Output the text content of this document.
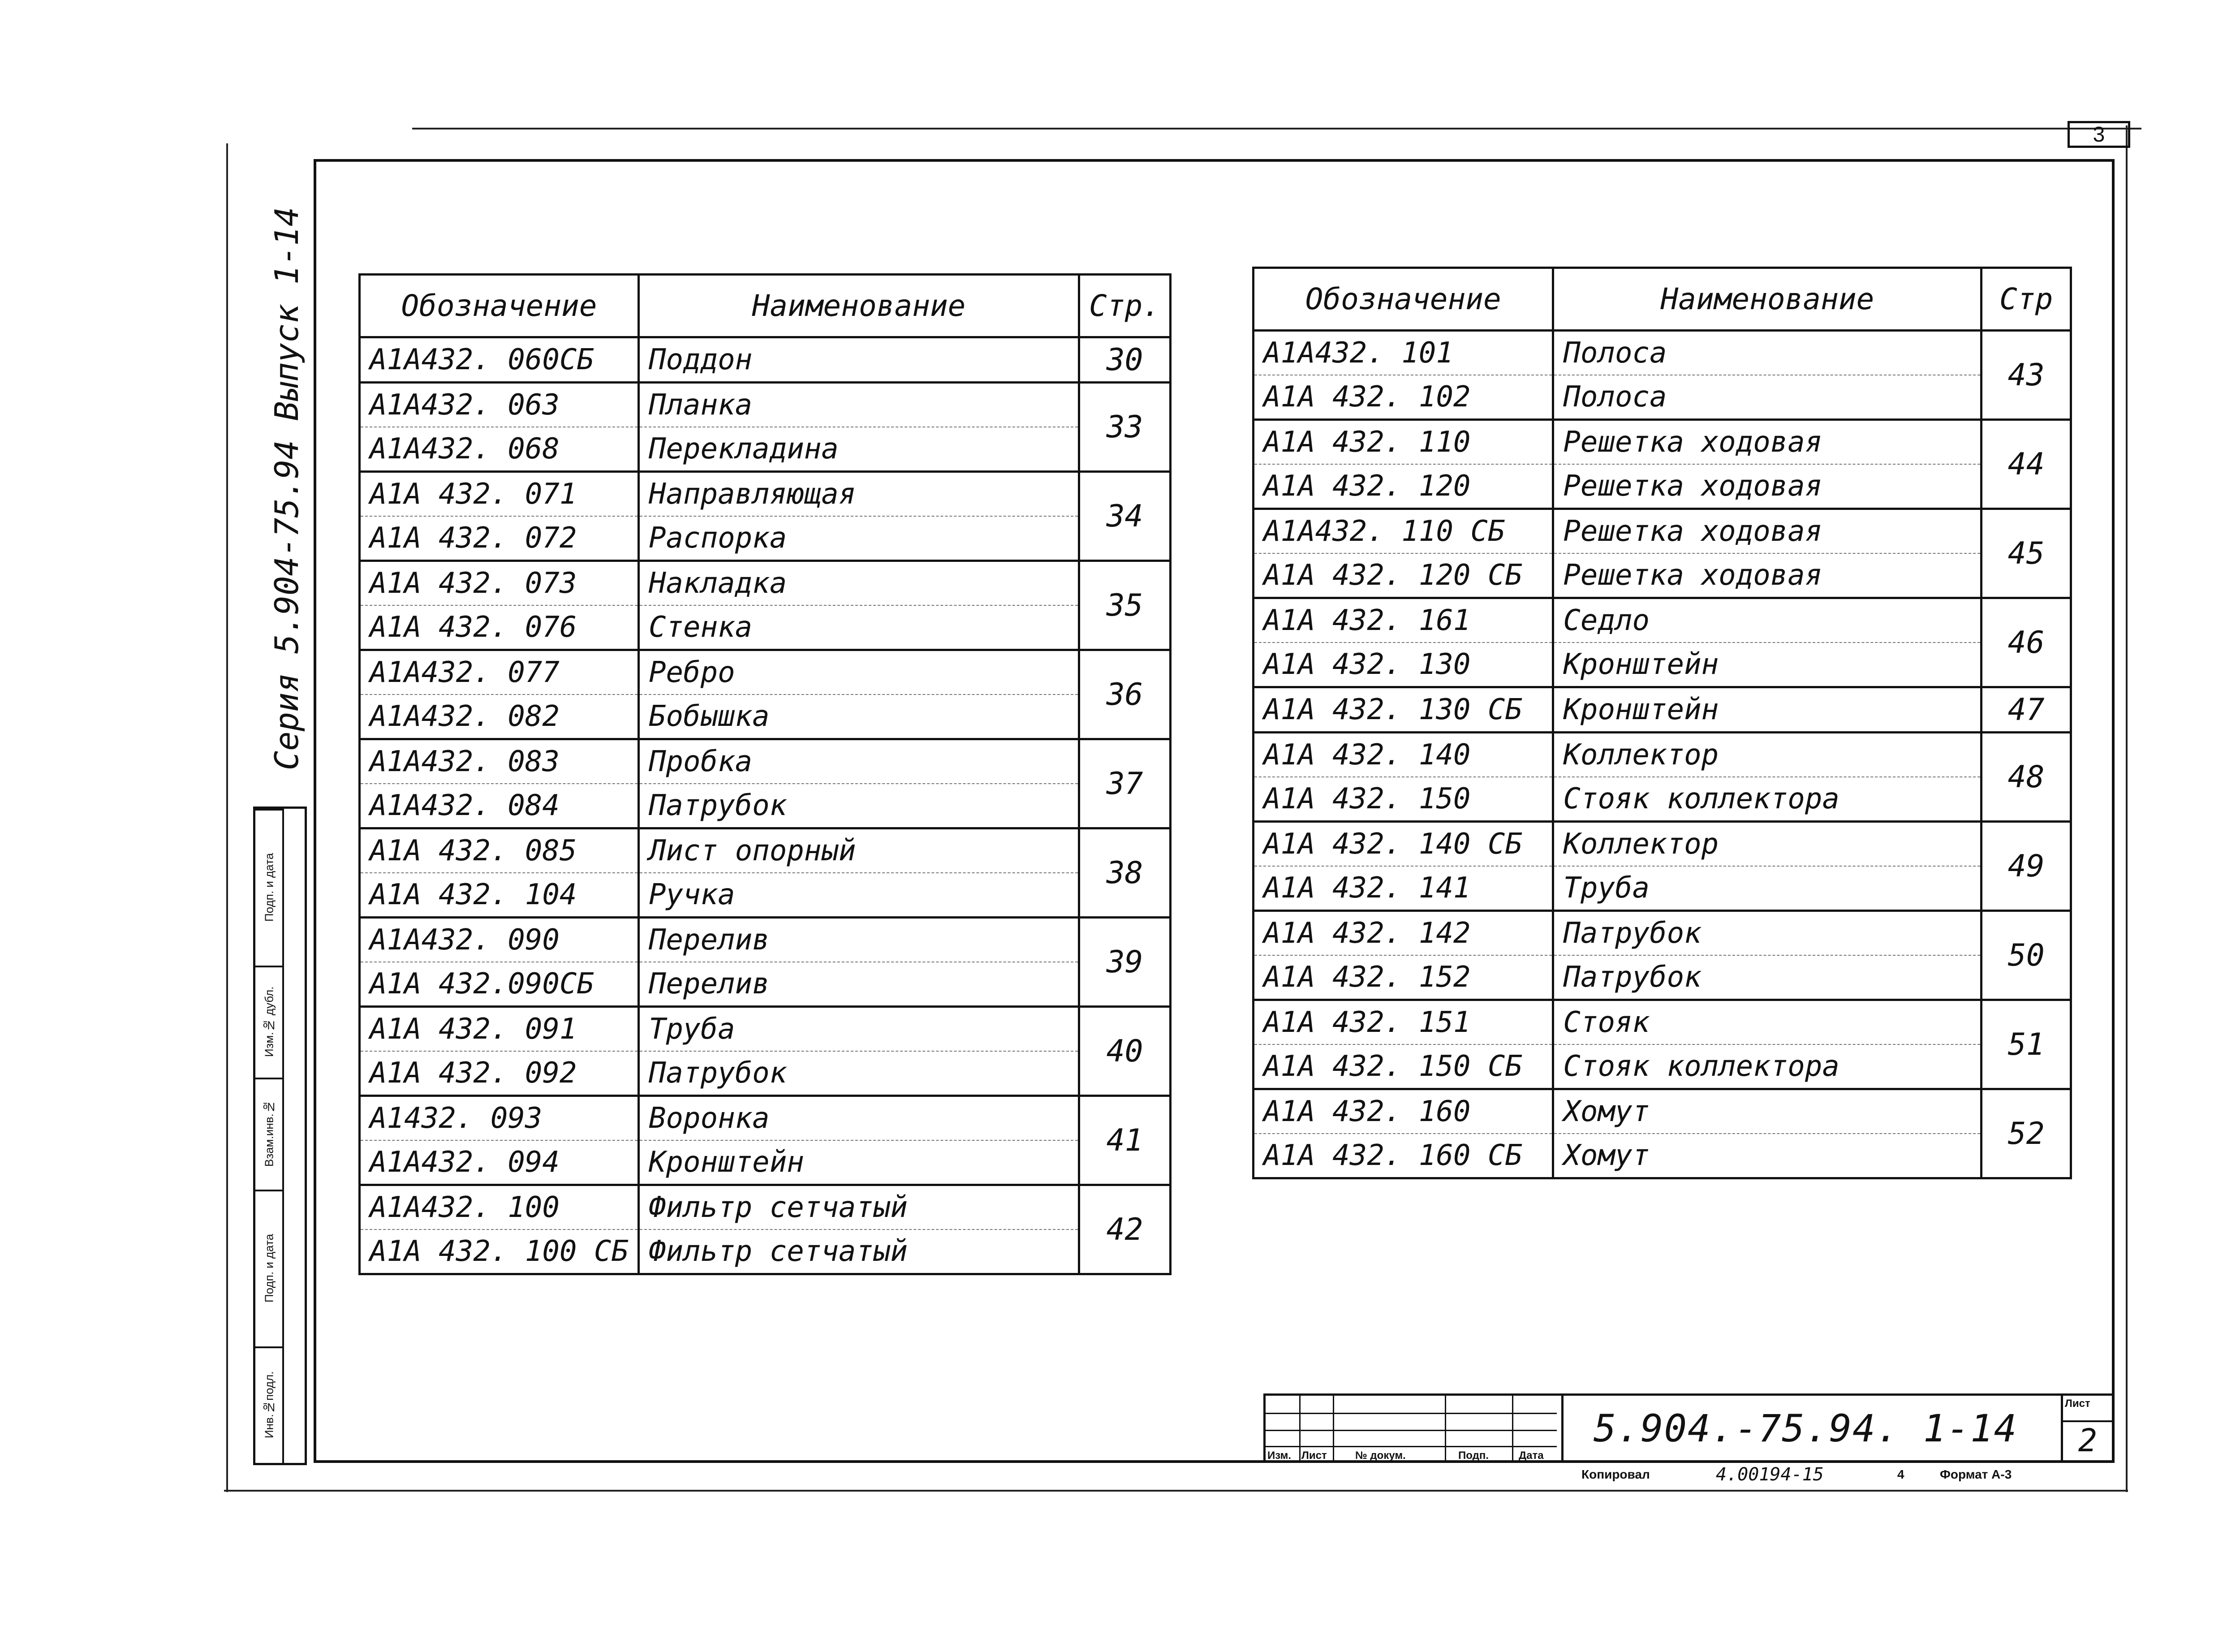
3
Серия 5.904-75.94 Выпуск 1-14
Подп. и дата
Изм.№ дубл.
Взам.инв.№
Подп. и дата
Инв.№подл.
Обозначение	Наименование	Стр.
А1А432. 060СБ	Поддон	30
А1А432. 063	Планка	33
А1А432. 068	Перекладина	
А1А 432. 071	Направляющая	34
А1А 432. 072	Распорка	
А1А 432. 073	Накладка	35
А1А 432. 076	Стенка	
А1А432. 077	Ребро	36
А1А432. 082	Бобышка	
А1А432. 083	Пробка	37
А1А432. 084	Патрубок	
А1А 432. 085	Лист опорный	38
А1А 432. 104	Ручка	
А1А432. 090	Перелив	39
А1А 432.090СБ	Перелив	
А1А 432. 091	Труба	40
А1А 432. 092	Патрубок	
А1432. 093	Воронка	41
А1А432. 094	Кронштейн	
А1А432. 100	Фильтр сетчатый	42
А1А 432. 100 СБ	Фильтр сетчатый	
Обозначение	Наименование	Стр
А1А432. 101	Полоса	43
А1А 432. 102	Полоса	
А1А 432. 110	Решетка ходовая	44
А1А 432. 120	Решетка ходовая	
А1А432. 110 СБ	Решетка ходовая	45
А1А 432. 120 СБ	Решетка ходовая	
А1А 432. 161	Седло	46
А1А 432. 130	Кронштейн	
А1А 432. 130 СБ	Кронштейн	47
А1А 432. 140	Коллектор	48
А1А 432. 150	Стояк коллектора	
А1А 432. 140 СБ	Коллектор	49
А1А 432. 141	Труба	
А1А 432. 142	Патрубок	50
А1А 432. 152	Патрубок	
А1А 432. 151	Стояк	51
А1А 432. 150 СБ	Стояк коллектора	
А1А 432. 160	Хомут	52
А1А 432. 160 СБ	Хомут	
Изм. Лист	№ докум.	Подп.	Дата
5.904.-75.94. 1-14
Лист
2
Копировал	4.00194-15	4	Формат А-3
